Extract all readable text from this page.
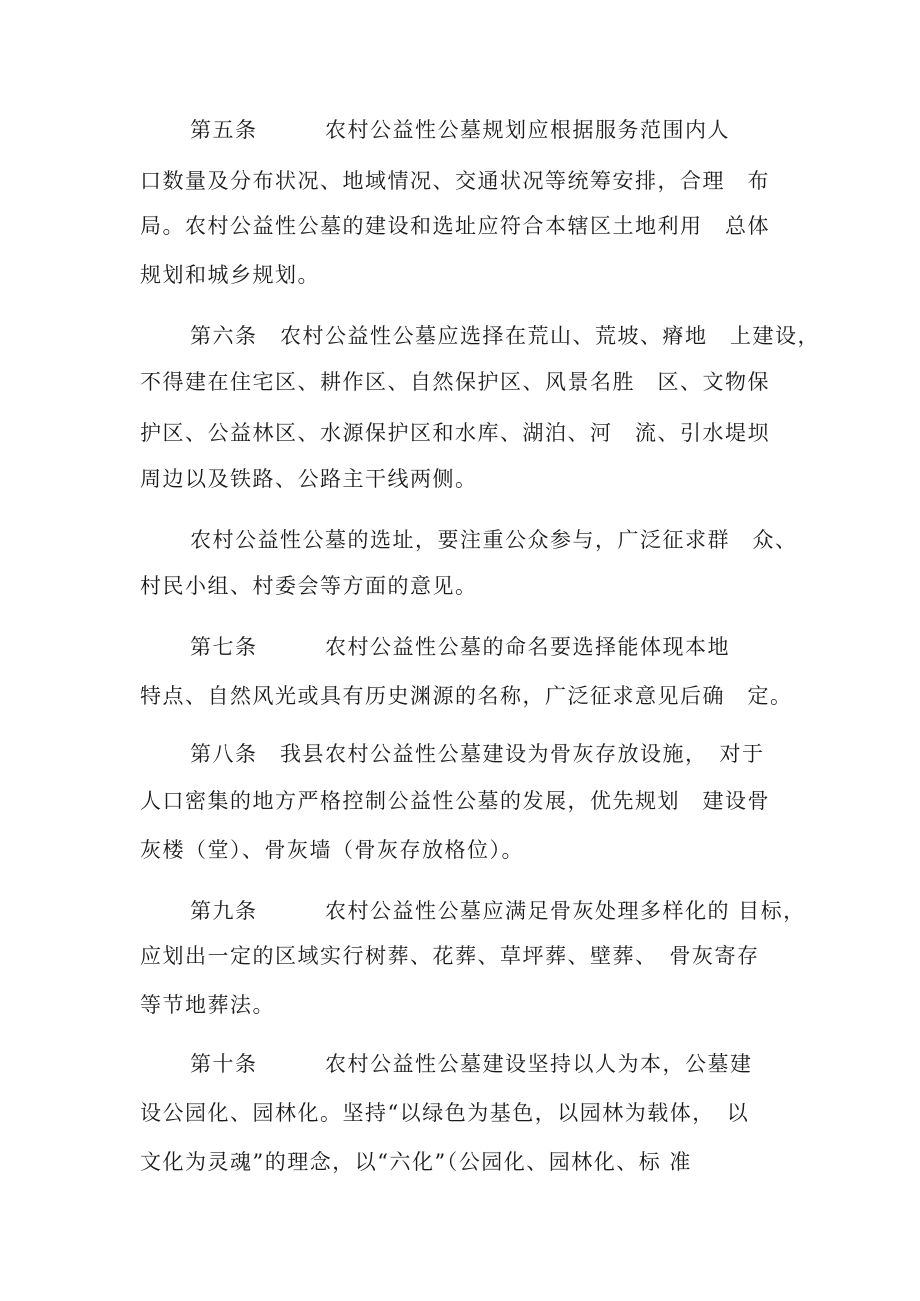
第五条　　　农村公益性公墓规划应根据服务范围内人
口数量及分布状况、地域情况、交通状况等统筹安排，合理　布
局。农村公益性公墓的建设和选址应符合本辖区土地利用　总体
规划和城乡规划。
第六条　农村公益性公墓应选择在荒山、荒坡、瘠地　上建设，
不得建在住宅区、耕作区、自然保护区、风景名胜　区、文物保
护区、公益林区、水源保护区和水库、湖泊、河　流、引水堤坝
周边以及铁路、公路主干线两侧。
农村公益性公墓的选址，要注重公众参与，广泛征求群　众、
村民小组、村委会等方面的意见。
第七条　　　农村公益性公墓的命名要选择能体现本地
特点、自然风光或具有历史渊源的名称，广泛征求意见后确　定。
第八条　我县农村公益性公墓建设为骨灰存放设施，　对于
人口密集的地方严格控制公益性公墓的发展，优先规划　建设骨
灰楼（堂）、骨灰墙（骨灰存放格位）。
第九条　　　农村公益性公墓应满足骨灰处理多样化的 目标，
应划出一定的区域实行树葬、花葬、草坪葬、壁葬、　骨灰寄存
等节地葬法。
第十条　　　农村公益性公墓建设坚持以人为本，公墓建
设公园化、园林化。坚持“以绿色为基色，以园林为载体，　以
文化为灵魂”的理念，以“六化”（公园化、园林化、标 准
